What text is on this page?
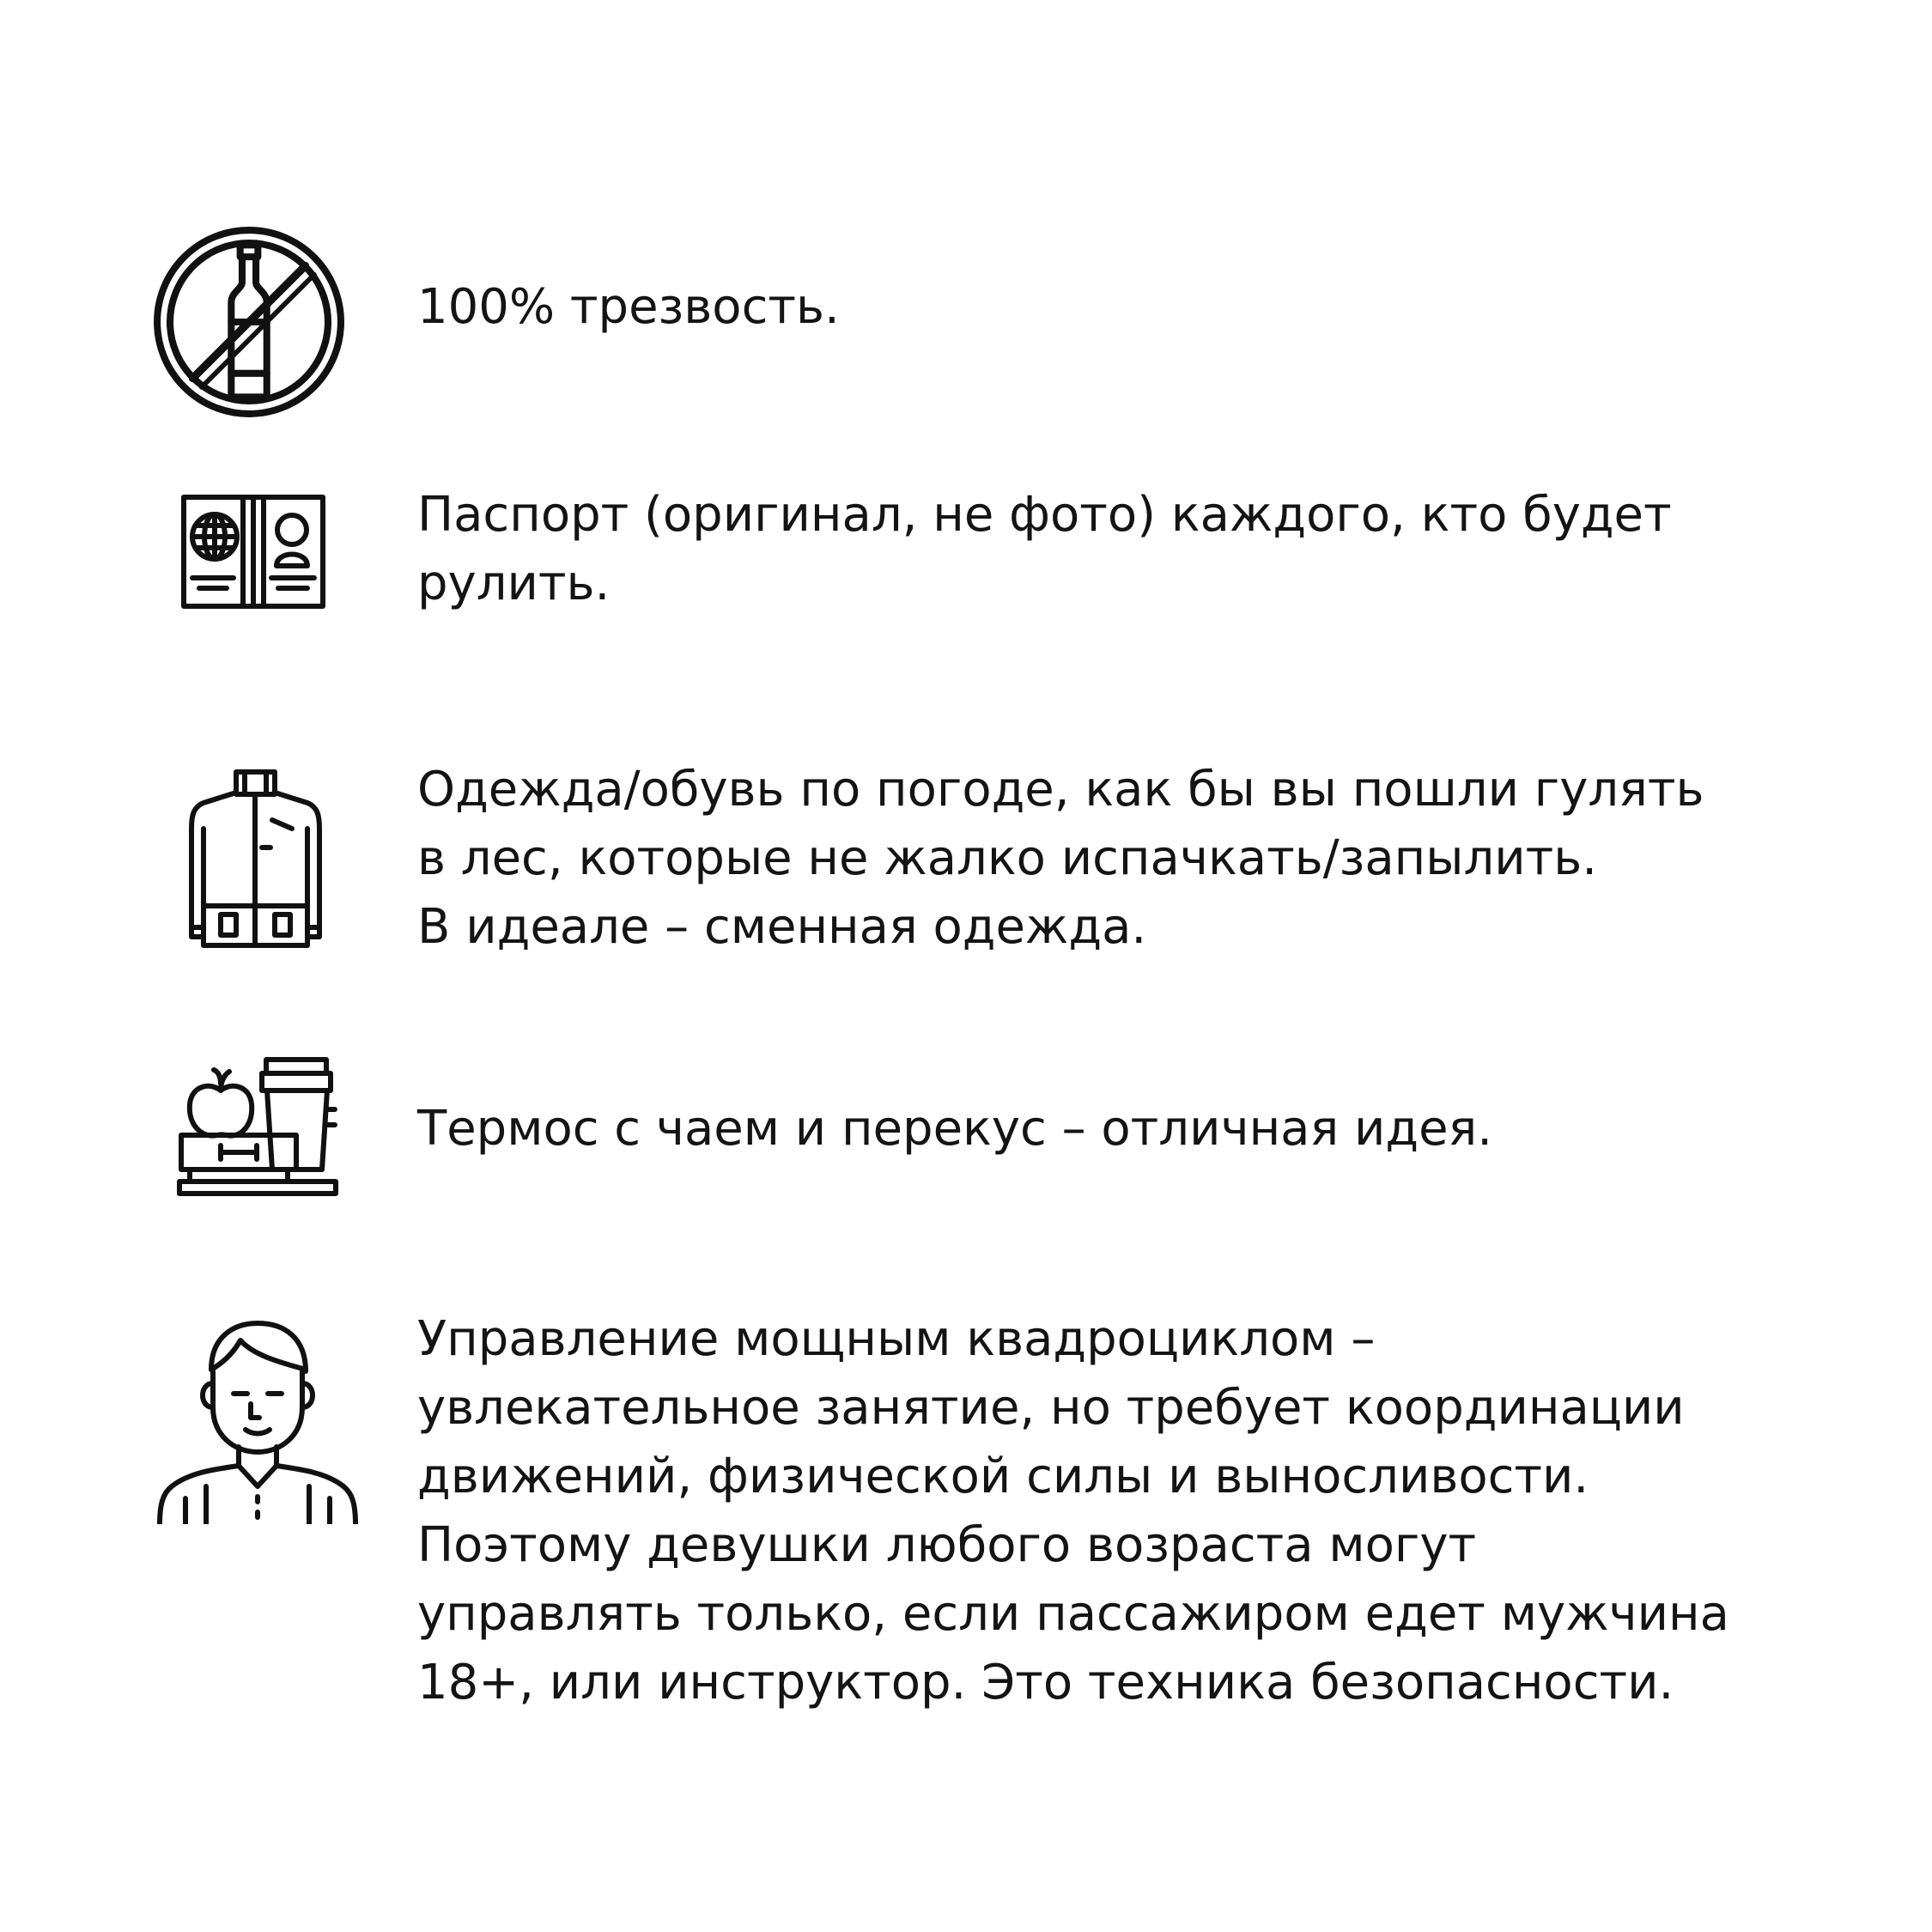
100% трезвость.
Паспорт (оригинал, не фото) каждого, кто будет
рулить.
Одежда/обувь по погоде, как бы вы пошли гулять
в лес, которые не жалко испачкать/запылить.
В идеале – сменная одежда.
Термос с чаем и перекус – отличная идея.
Управление мощным квадроциклом –
увлекательное занятие, но требует координации
движений, физической силы и выносливости.
Поэтому девушки любого возраста могут
управлять только, если пассажиром едет мужчина
18+, или инструктор. Это техника безопасности.
